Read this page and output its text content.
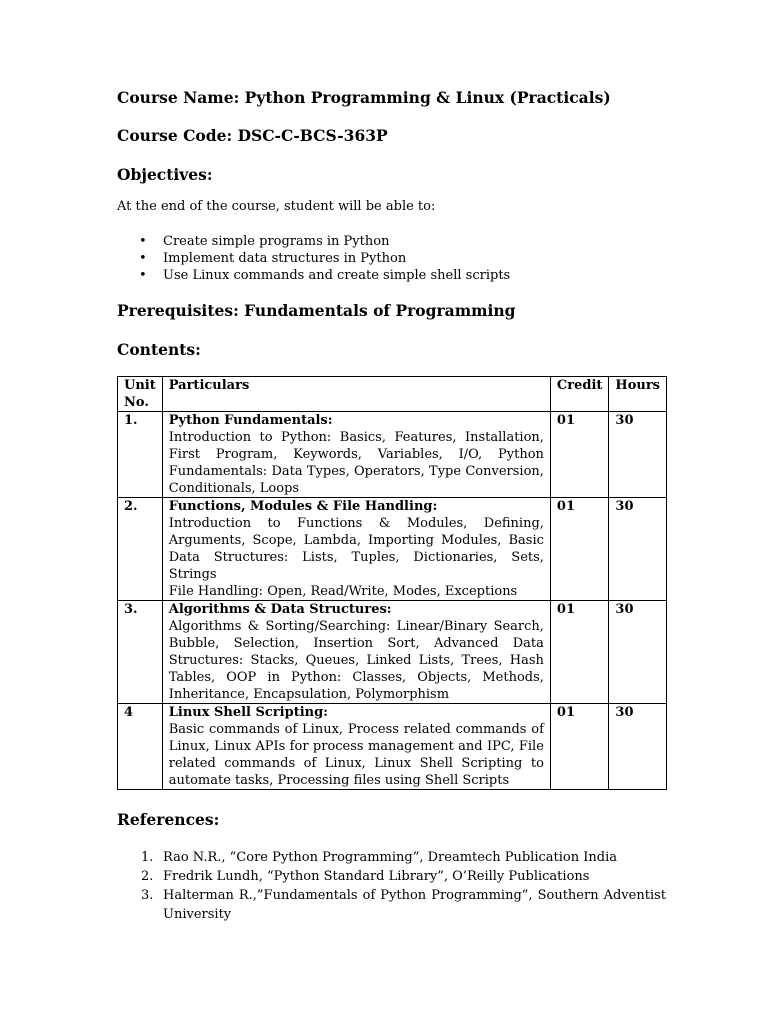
Course Name: Python Programming & Linux (Practicals)

Course Code: DSC-C-BCS-363P

Objectives:

At the end of the course, student will be able to:

• Create simple programs in Python
• Implement data structures in Python
• Use Linux commands and create simple shell scripts

Prerequisites: Fundamentals of Programming

Contents:

Unit No.	Particulars	Credit	Hours
1.	Python Fundamentals:
Introduction to Python: Basics, Features, Installation, First Program, Keywords, Variables, I/O, Python Fundamentals: Data Types, Operators, Type Conversion, Conditionals, Loops	01	30
2.	Functions, Modules & File Handling:
Introduction to Functions & Modules, Defining, Arguments, Scope, Lambda, Importing Modules, Basic Data Structures: Lists, Tuples, Dictionaries, Sets, Strings
File Handling: Open, Read/Write, Modes, Exceptions	01	30
3.	Algorithms & Data Structures:
Algorithms & Sorting/Searching: Linear/Binary Search, Bubble, Selection, Insertion Sort, Advanced Data Structures: Stacks, Queues, Linked Lists, Trees, Hash Tables, OOP in Python: Classes, Objects, Methods, Inheritance, Encapsulation, Polymorphism	01	30
4	Linux Shell Scripting:
Basic commands of Linux, Process related commands of Linux, Linux APIs for process management and IPC, File related commands of Linux, Linux Shell Scripting to automate tasks, Processing files using Shell Scripts	01	30

References:

1. Rao N.R., “Core Python Programming”, Dreamtech Publication India
2. Fredrik Lundh, “Python Standard Library”, O’Reilly Publications
3. Halterman R.,”Fundamentals of Python Programming”, Southern Adventist University
